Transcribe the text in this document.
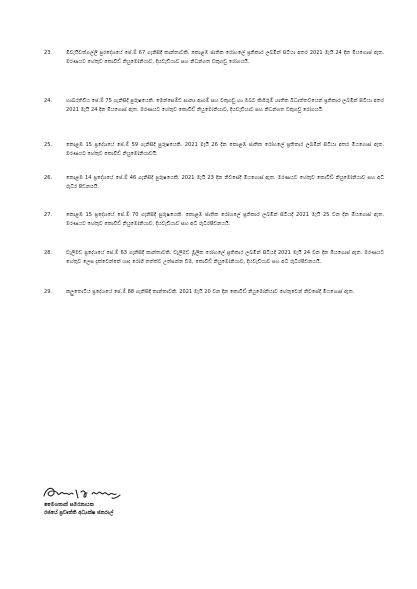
23.	මිවැයිවත්ගල්ලි පුරදේශයේ පේ.ම් 67 ගැනිසිදී කාන්තාවකි. කොළඹ ජාතික රෝහලේ ප්‍රතිකාර ලබමින් සිටියා අතර 2021 මැයි 24 දින මියගොස් ඇත. මරණයට හේතුව කොවිඩ් නියුමෝනියාව, දියවැඩියාව සහ නිධන්ගත වකුගඩු රෝගයයි.
24.	හාබරතිවිය පේ.ම් 75 ගැනිසිදී පුරුෂයෙකි. මෙන්සෙම්ඩ සාන්‍ය ආගම් සහ වකුගඩු හා ඔබට කිහිරුම් ශාතික බිධාත්තවයෙන් ප්‍රතිකාර ලබමින් සිටියා අතර 2021 මැයි 24 දින මියගොස් ඇත. මරණයට හේතුව කොවිඩ් නියුමෝනියාව, දියවැඩියාව සහ නිධන්ගත වකුගඩු රෝගයයි.
25.	කොළඹ 15 ප්‍රදේශයේ පේ.ම් 59 ගැනිසිදී පුරුෂයෙකි. 2021 මැයි 26 දින කොළඹ ජාතික රෝහලේ ප්‍රතිකාර ලබමින් සිටියා අතර මියගොස් ඇත. මරණයට හේතුව කොවිඩ් නියුමෝනියාවයි.
26.	කොළඹ 14 ප්‍රදේශයේ පේ.ම් 46 ගැනිසිදී පුරුෂයෙකි. 2021 මැයි 23 දින නිවසේදී මියගොස් ඇත. මරණයට හේතුව කොවිඩ් නියුමෝනියාව සහ අධි රුධිර පීඩනයයි.
27.	කොළඹ 15 ප්‍රදේශයේ පේ.ම් 70 ගැනිසිදී පුරුෂයෙකි. කොළඹ ජාතික රෝහලේ ප්‍රතිකාර ලබමින් සිටියදී 2021 මැයි 25 වන දින මියගොස් ඇත. මරණයට හේතුව කොවිඩ් නියුමෝනියාව, දියවැඩියාව සහ අධි රුධිරපීඩනයයි.
28.	වැලිමඩ ප්‍රදේශයේ පේ.ම් 63 ගැනිසිදී කාන්තාවකි. වැලිමඩ මූලික රෝහලේ ප්‍රතිකාර ලබමින් සිටියදී 2021 මැයි 24 වන දින මියගොස් ඇත. මරණයට හේතුව ලෙස දැක්වෙන්නේ හෘද රෝගී තත්ත්ව උත්සන්න වීම, කොවිඩ් නියුමෝනියාව, දියවැඩියාව සහ අධි රුධිරපීඩනයයි.
29.	කලුතොටිය ප්‍රදේශයේ පේ.ම් 88 ගැනිසිදී කාන්තාවකි. 2021 මැයි 20 වන දින කොවිඩ් නියුමෝනියාව හේතුවෙන් නිවසේදී මියගොස් ඇත.
මෛගතාන් සමරනායක
රජයේ ප්‍රවෘත්ති අධ්‍යක්ෂ ජනරාල්
